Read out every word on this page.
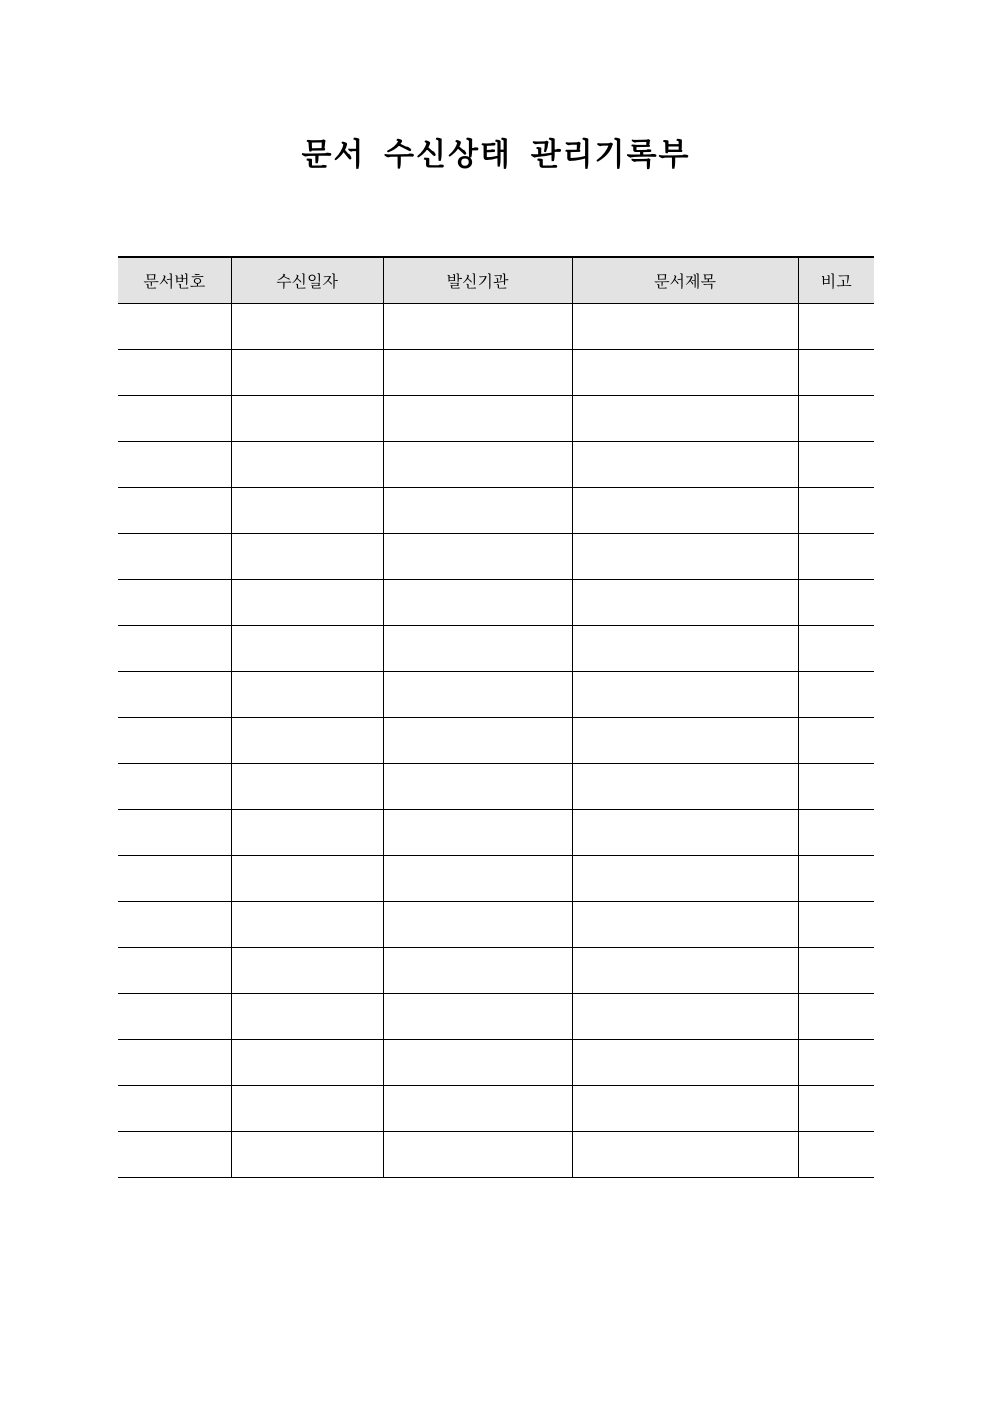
문서 수신상태 관리기록부
문서번호	수신일자	발신기관	문서제목	비고
